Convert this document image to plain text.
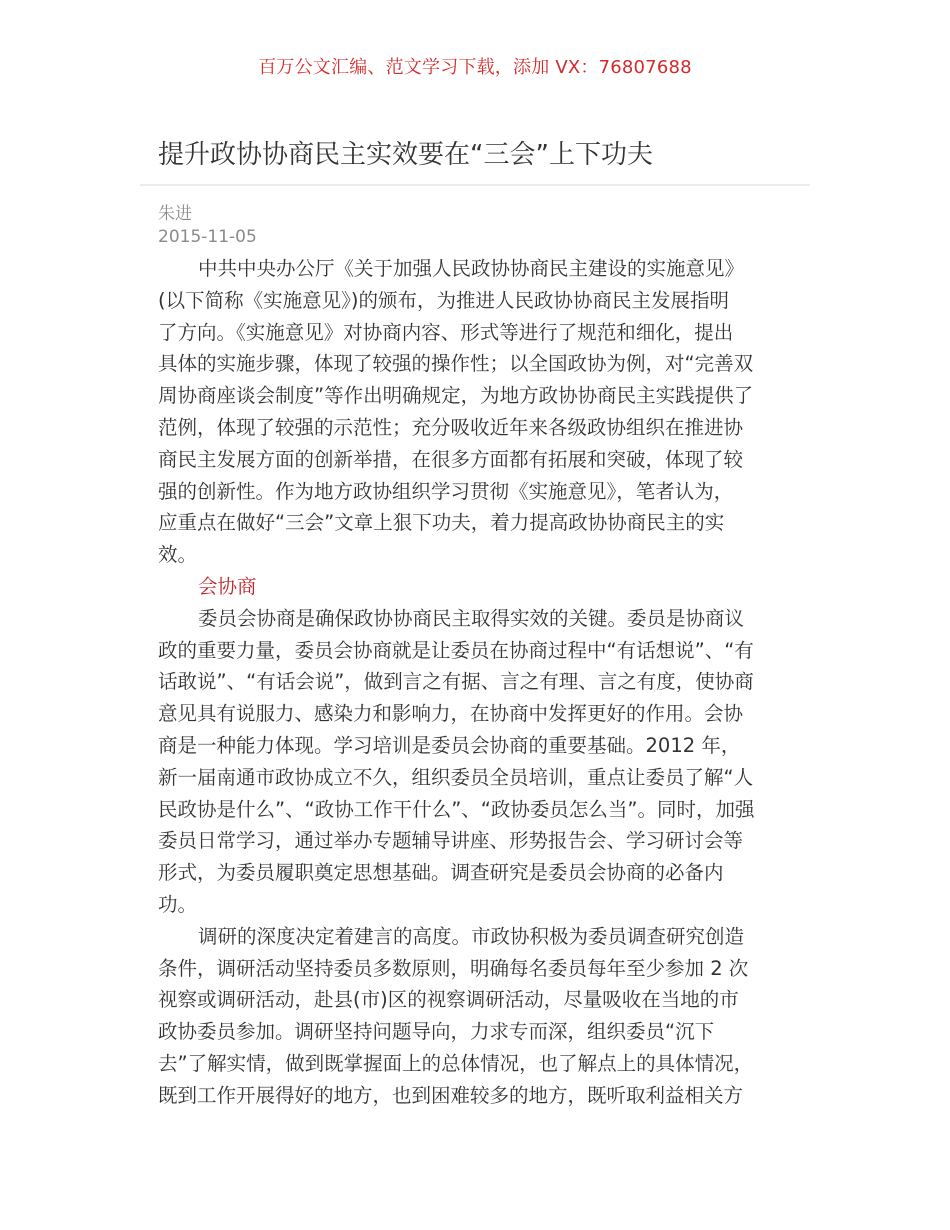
百万公文汇编、范文学习下载，添加 VX：76807688
提升政协协商民主实效要在“三会”上下功夫
朱进
2015-11-05
中共中央办公厅《关于加强人民政协协商民主建设的实施意见》
(以下简称《实施意见》)的颁布，为推进人民政协协商民主发展指明
了方向。《实施意见》对协商内容、形式等进行了规范和细化，提出
具体的实施步骤，体现了较强的操作性；以全国政协为例，对“完善双
周协商座谈会制度”等作出明确规定，为地方政协协商民主实践提供了
范例，体现了较强的示范性；充分吸收近年来各级政协组织在推进协
商民主发展方面的创新举措，在很多方面都有拓展和突破，体现了较
强的创新性。作为地方政协组织学习贯彻《实施意见》，笔者认为，
应重点在做好“三会”文章上狠下功夫，着力提高政协协商民主的实
效。
会协商
委员会协商是确保政协协商民主取得实效的关键。委员是协商议
政的重要力量，委员会协商就是让委员在协商过程中“有话想说”、“有
话敢说”、“有话会说”，做到言之有据、言之有理、言之有度，使协商
意见具有说服力、感染力和影响力，在协商中发挥更好的作用。会协
商是一种能力体现。学习培训是委员会协商的重要基础。2012 年，
新一届南通市政协成立不久，组织委员全员培训，重点让委员了解“人
民政协是什么”、“政协工作干什么”、“政协委员怎么当”。同时，加强
委员日常学习，通过举办专题辅导讲座、形势报告会、学习研讨会等
形式，为委员履职奠定思想基础。调查研究是委员会协商的必备内
功。
调研的深度决定着建言的高度。市政协积极为委员调查研究创造
条件，调研活动坚持委员多数原则，明确每名委员每年至少参加 2 次
视察或调研活动，赴县(市)区的视察调研活动，尽量吸收在当地的市
政协委员参加。调研坚持问题导向，力求专而深，组织委员“沉下
去”了解实情，做到既掌握面上的总体情况，也了解点上的具体情况，
既到工作开展得好的地方，也到困难较多的地方，既听取利益相关方
